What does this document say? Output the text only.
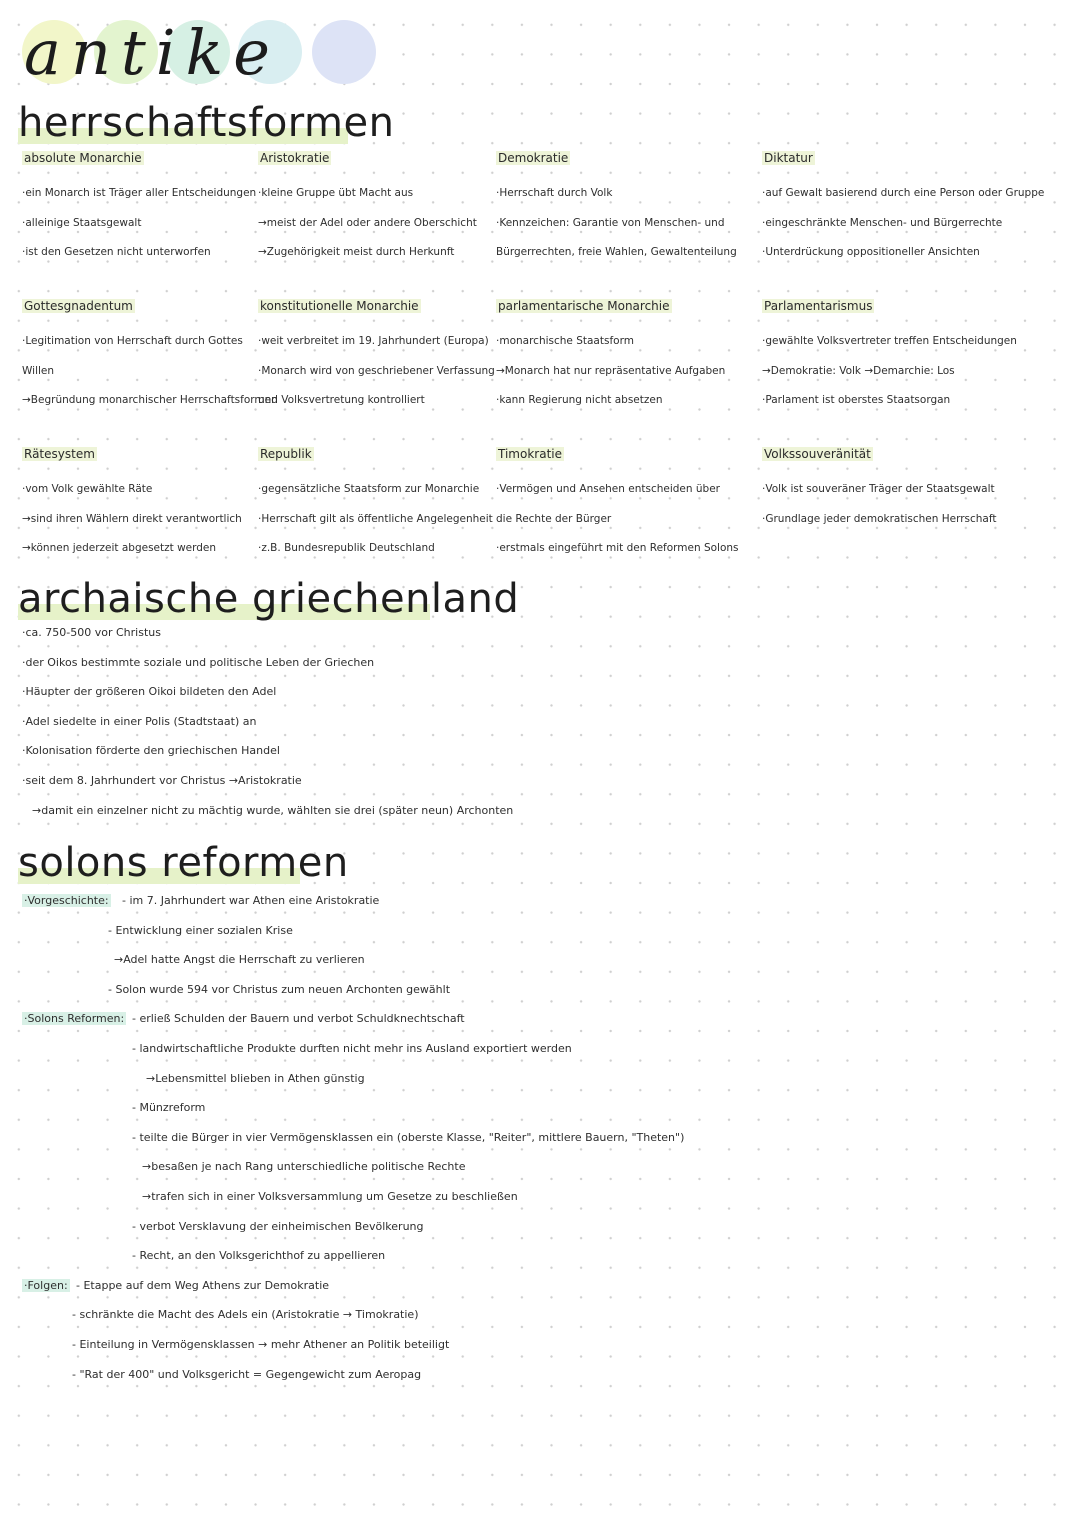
antike
herrschaftsformen
absolute Monarchie
·ein Monarch ist Träger aller Entscheidungen
·alleinige Staatsgewalt
·ist den Gesetzen nicht unterworfen
Aristokratie
·kleine Gruppe übt Macht aus
→meist der Adel oder andere Oberschicht
→Zugehörigkeit meist durch Herkunft
Demokratie
·Herrschaft durch Volk
·Kennzeichen: Garantie von Menschen- und
Bürgerrechten, freie Wahlen, Gewaltenteilung
Diktatur
·auf Gewalt basierend durch eine Person oder Gruppe
·eingeschränkte Menschen- und Bürgerrechte
·Unterdrückung oppositioneller Ansichten
Gottesgnadentum
·Legitimation von Herrschaft durch Gottes
Willen
→Begründung monarchischer Herrschaftsformen
konstitutionelle Monarchie
·weit verbreitet im 19. Jahrhundert (Europa)
·Monarch wird von geschriebener Verfassung
und Volksvertretung kontrolliert
parlamentarische Monarchie
·monarchische Staatsform
→Monarch hat nur repräsentative Aufgaben
·kann Regierung nicht absetzen
Parlamentarismus
·gewählte Volksvertreter treffen Entscheidungen
→Demokratie: Volk →Demarchie: Los
·Parlament ist oberstes Staatsorgan
Rätesystem
·vom Volk gewählte Räte
→sind ihren Wählern direkt verantwortlich
→können jederzeit abgesetzt werden
Republik
·gegensätzliche Staatsform zur Monarchie
·Herrschaft gilt als öffentliche Angelegenheit
·z.B. Bundesrepublik Deutschland
Timokratie
·Vermögen und Ansehen entscheiden über
die Rechte der Bürger
·erstmals eingeführt mit den Reformen Solons
Volkssouveränität
·Volk ist souveräner Träger der Staatsgewalt
·Grundlage jeder demokratischen Herrschaft
archaische griechenland
·ca. 750-500 vor Christus
·der Oikos bestimmte soziale und politische Leben der Griechen
·Häupter der größeren Oikoi bildeten den Adel
·Adel siedelte in einer Polis (Stadtstaat) an
·Kolonisation förderte den griechischen Handel
·seit dem 8. Jahrhundert vor Christus →Aristokratie
→damit ein einzelner nicht zu mächtig wurde, wählten sie drei (später neun) Archonten
solons reformen
·Vorgeschichte: - im 7. Jahrhundert war Athen eine Aristokratie
- Entwicklung einer sozialen Krise
→Adel hatte Angst die Herrschaft zu verlieren
- Solon wurde 594 vor Christus zum neuen Archonten gewählt
·Solons Reformen: - erließ Schulden der Bauern und verbot Schuldknechtschaft
- landwirtschaftliche Produkte durften nicht mehr ins Ausland exportiert werden
→Lebensmittel blieben in Athen günstig
- Münzreform
- teilte die Bürger in vier Vermögensklassen ein (oberste Klasse, "Reiter", mittlere Bauern, "Theten")
→besaßen je nach Rang unterschiedliche politische Rechte
→trafen sich in einer Volksversammlung um Gesetze zu beschließen
- verbot Versklavung der einheimischen Bevölkerung
- Recht, an den Volksgerichthof zu appellieren
·Folgen: - Etappe auf dem Weg Athens zur Demokratie
- schränkte die Macht des Adels ein (Aristokratie → Timokratie)
- Einteilung in Vermögensklassen → mehr Athener an Politik beteiligt
- "Rat der 400" und Volksgericht = Gegengewicht zum Aeropag
